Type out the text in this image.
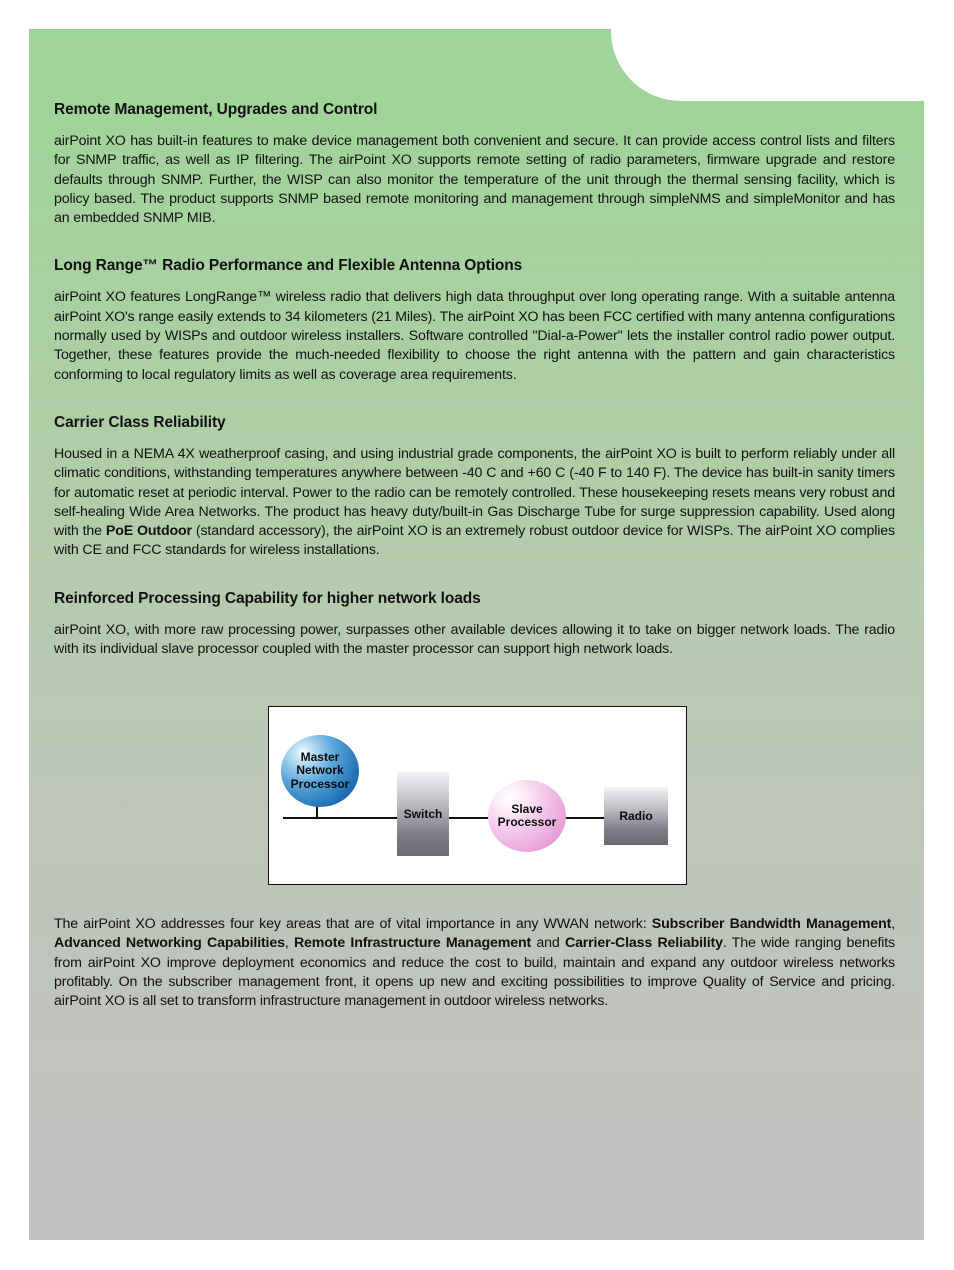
Remote Management, Upgrades and Control

airPoint XO has built-in features to make device management both convenient and secure. It can provide access control lists and filters for SNMP traffic, as well as IP filtering. The airPoint XO supports remote setting of radio parameters, firmware upgrade and restore defaults through SNMP. Further, the WISP can also monitor the temperature of the unit through the thermal sensing facility, which is policy based. The product supports SNMP based remote monitoring and management through simpleNMS and simpleMonitor and has an embedded SNMP MIB.

Long Range™ Radio Performance and Flexible Antenna Options

airPoint XO features LongRange™ wireless radio that delivers high data throughput over long operating range. With a suitable antenna airPoint XO's range easily extends to 34 kilometers (21 Miles). The airPoint XO has been FCC certified with many antenna configurations normally used by WISPs and outdoor wireless installers. Software controlled "Dial-a-Power" lets the installer control radio power output. Together, these features provide the much-needed flexibility to choose the right antenna with the pattern and gain characteristics conforming to local regulatory limits as well as coverage area requirements.

Carrier Class Reliability

Housed in a NEMA 4X weatherproof casing, and using industrial grade components, the airPoint XO is built to perform reliably under all climatic conditions, withstanding temperatures anywhere between -40 C and +60 C (-40 F to 140 F). The device has built-in sanity timers for automatic reset at periodic interval. Power to the radio can be remotely controlled. These housekeeping resets means very robust and self-healing Wide Area Networks. The product has heavy duty/built-in Gas Discharge Tube for surge suppression capability. Used along with the PoE Outdoor (standard accessory), the airPoint XO is an extremely robust outdoor device for WISPs. The airPoint XO complies with CE and FCC standards for wireless installations.

Reinforced Processing Capability for higher network loads

airPoint XO, with more raw processing power, surpasses other available devices allowing it to take on bigger network loads. The radio with its individual slave processor coupled with the master processor can support high network loads.

Master
Network
Processor
Switch	Slave
Processor	Radio

The airPoint XO addresses four key areas that are of vital importance in any WWAN network: Subscriber Bandwidth Management, Advanced Networking Capabilities, Remote Infrastructure Management and Carrier-Class Reliability. The wide ranging benefits from airPoint XO improve deployment economics and reduce the cost to build, maintain and expand any outdoor wireless networks profitably. On the subscriber management front, it opens up new and exciting possibilities to improve Quality of Service and pricing. airPoint XO is all set to transform infrastructure management in outdoor wireless networks.
